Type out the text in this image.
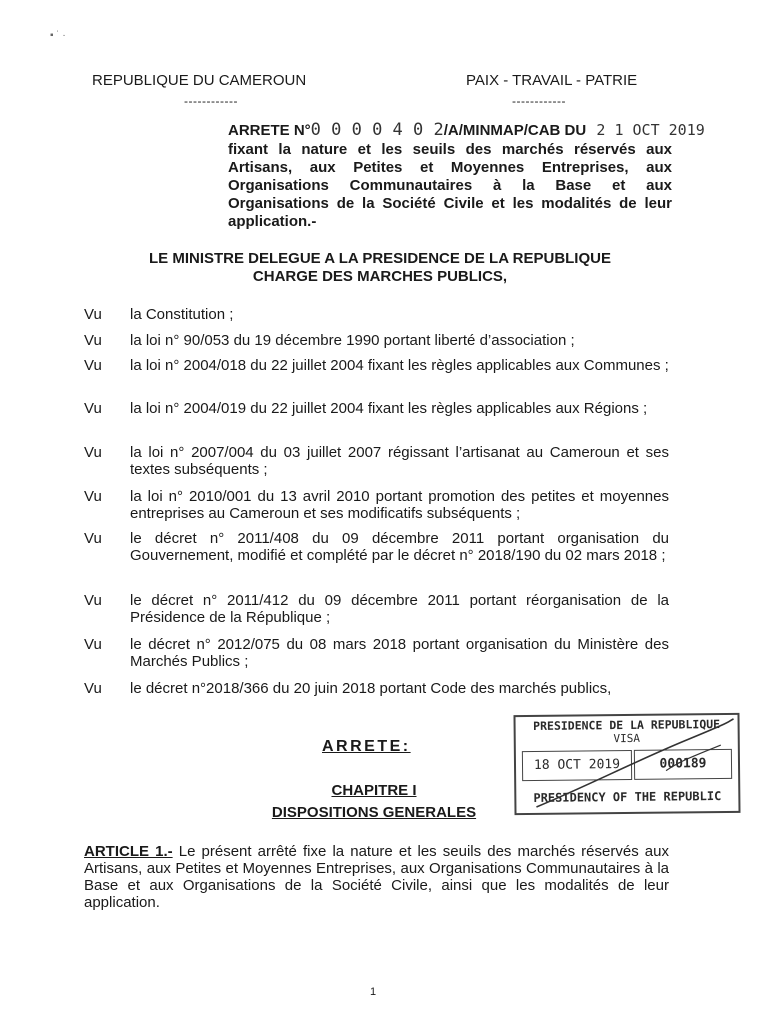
▪ ˙ ·
REPUBLIQUE DU CAMEROUN
------------
PAIX - TRAVAIL - PATRIE
------------
ARRETE N°0 0 0 0 4 0 2/A/MINMAP/CAB DU 2 1 OCT 2019
fixant la nature et les seuils des marchés réservés aux Artisans, aux Petites et Moyennes Entreprises, aux Organisations Communautaires à la Base et aux Organisations de la Société Civile et les modalités de leur application.-
LE MINISTRE DELEGUE A LA PRESIDENCE DE LA REPUBLIQUE
CHARGE DES MARCHES PUBLICS,
Vu	la Constitution ;
Vu	la loi n° 90/053 du 19 décembre 1990 portant liberté d’association ;
Vu	la loi n° 2004/018 du 22 juillet 2004 fixant les règles applicables aux Communes ;
Vu	la loi n° 2004/019 du 22 juillet 2004 fixant les règles applicables aux Régions ;
Vu	la loi n° 2007/004 du 03 juillet 2007 régissant l’artisanat au Cameroun et ses textes subséquents ;
Vu	la loi n° 2010/001 du 13 avril 2010 portant promotion des petites et moyennes entreprises au Cameroun et ses modificatifs subséquents ;
Vu	le décret n° 2011/408 du 09 décembre 2011 portant organisation du Gouvernement, modifié et complété par le décret n° 2018/190 du 02 mars 2018 ;
Vu	le décret n° 2011/412 du 09 décembre 2011 portant réorganisation de la Présidence de la République ;
Vu	le décret n° 2012/075 du 08 mars 2018 portant organisation du Ministère des Marchés Publics ;
Vu	le décret n°2018/366 du 20 juin 2018 portant Code des marchés publics,
ARRETE:
CHAPITRE I
DISPOSITIONS GENERALES
PRESIDENCE DE LA REPUBLIQUE
VISA
18 OCT 2019	000189
PRESIDENCY OF THE REPUBLIC
ARTICLE 1.- Le présent arrêté fixe la nature et les seuils des marchés réservés aux Artisans, aux Petites et Moyennes Entreprises, aux Organisations Communautaires à la Base et aux Organisations de la Société Civile, ainsi que les modalités de leur application.
1
